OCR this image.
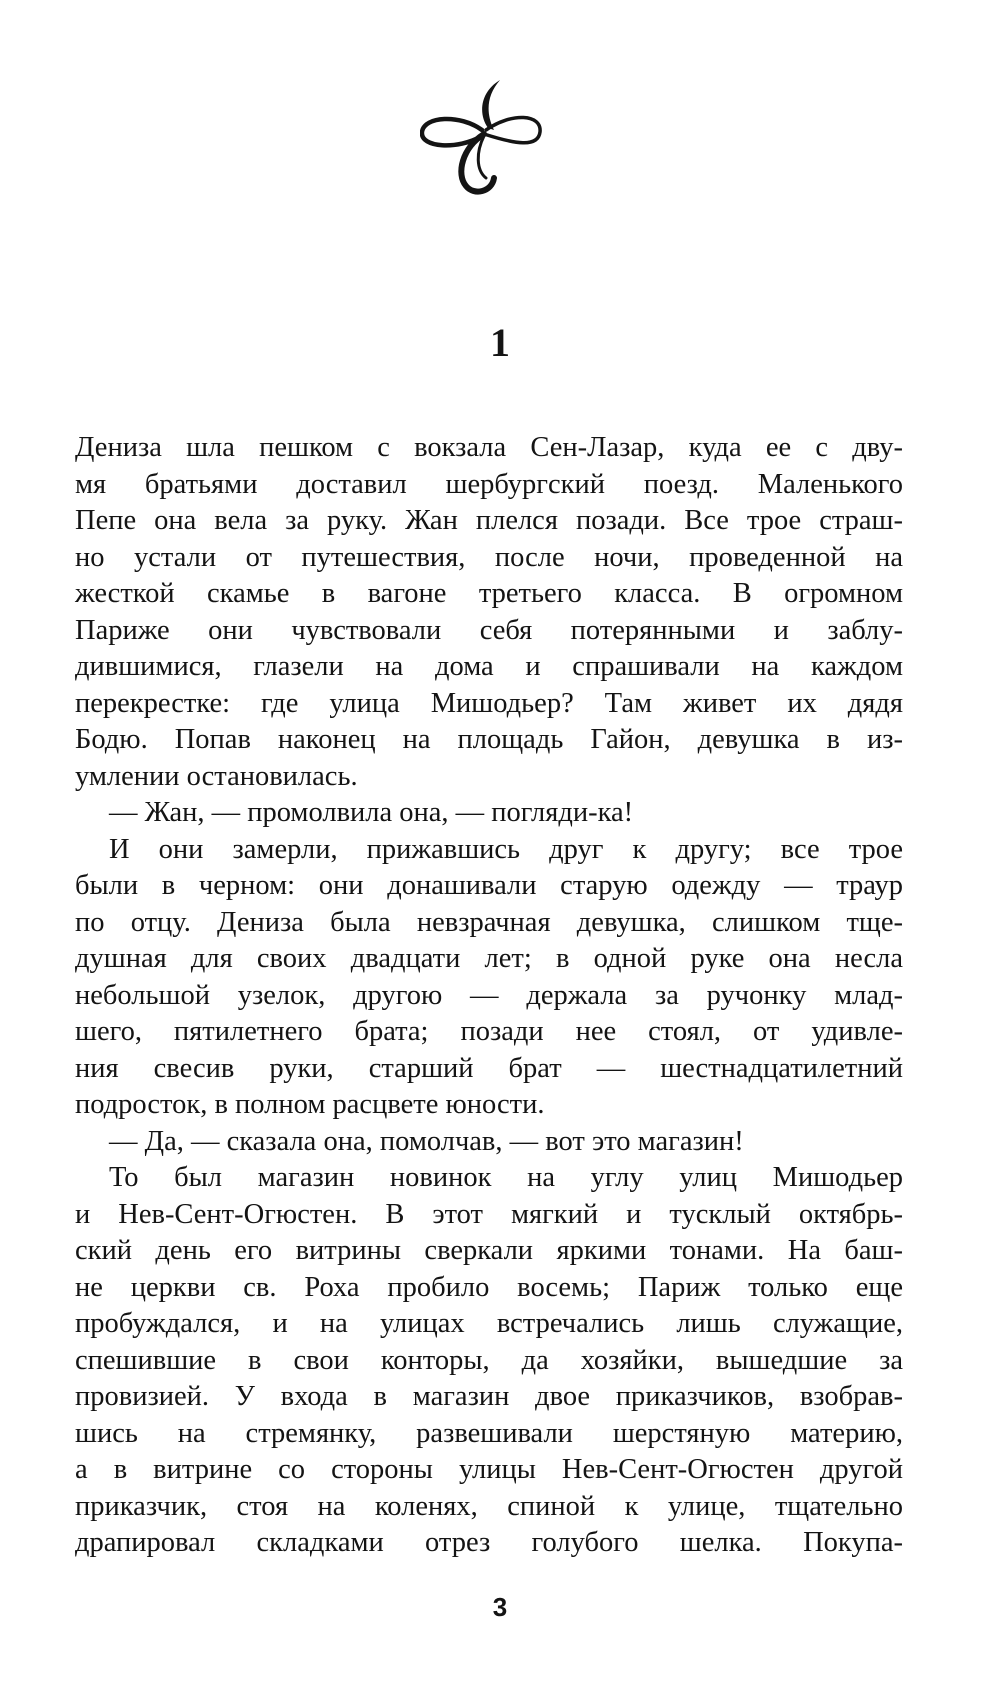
1
Дениза шла пешком с вокзала Сен-Лазар, куда ее с дву-
мя братьями доставил шербургский поезд. Маленького
Пепе она вела за руку. Жан плелся позади. Все трое страш-
но устали от путешествия, после ночи, проведенной на
жесткой скамье в вагоне третьего класса. В огромном
Париже они чувствовали себя потерянными и заблу-
дившимися, глазели на дома и спрашивали на каждом
перекрестке: где улица Мишодьер? Там живет их дядя
Бодю. Попав наконец на площадь Гайон, девушка в из-
умлении остановилась.
— Жан, — промолвила она, — погляди-ка!
И они замерли, прижавшись друг к другу; все трое
были в черном: они донашивали старую одежду — траур
по отцу. Дениза была невзрачная девушка, слишком тще-
душная для своих двадцати лет; в одной руке она несла
небольшой узелок, другою — держала за ручонку млад-
шего, пятилетнего брата; позади нее стоял, от удивле-
ния свесив руки, старший брат — шестнадцатилетний
подросток, в полном расцвете юности.
— Да, — сказала она, помолчав, — вот это магазин!
То был магазин новинок на углу улиц Мишодьер
и Нев-Сент-Огюстен. В этот мягкий и тусклый октябрь-
ский день его витрины сверкали яркими тонами. На баш-
не церкви св. Роха пробило восемь; Париж только еще
пробуждался, и на улицах встречались лишь служащие,
спешившие в свои конторы, да хозяйки, вышедшие за
провизией. У входа в магазин двое приказчиков, взобрав-
шись на стремянку, развешивали шерстяную материю,
а в витрине со стороны улицы Нев-Сент-Огюстен другой
приказчик, стоя на коленях, спиной к улице, тщательно
драпировал складками отрез голубого шелка. Покупа-
3
